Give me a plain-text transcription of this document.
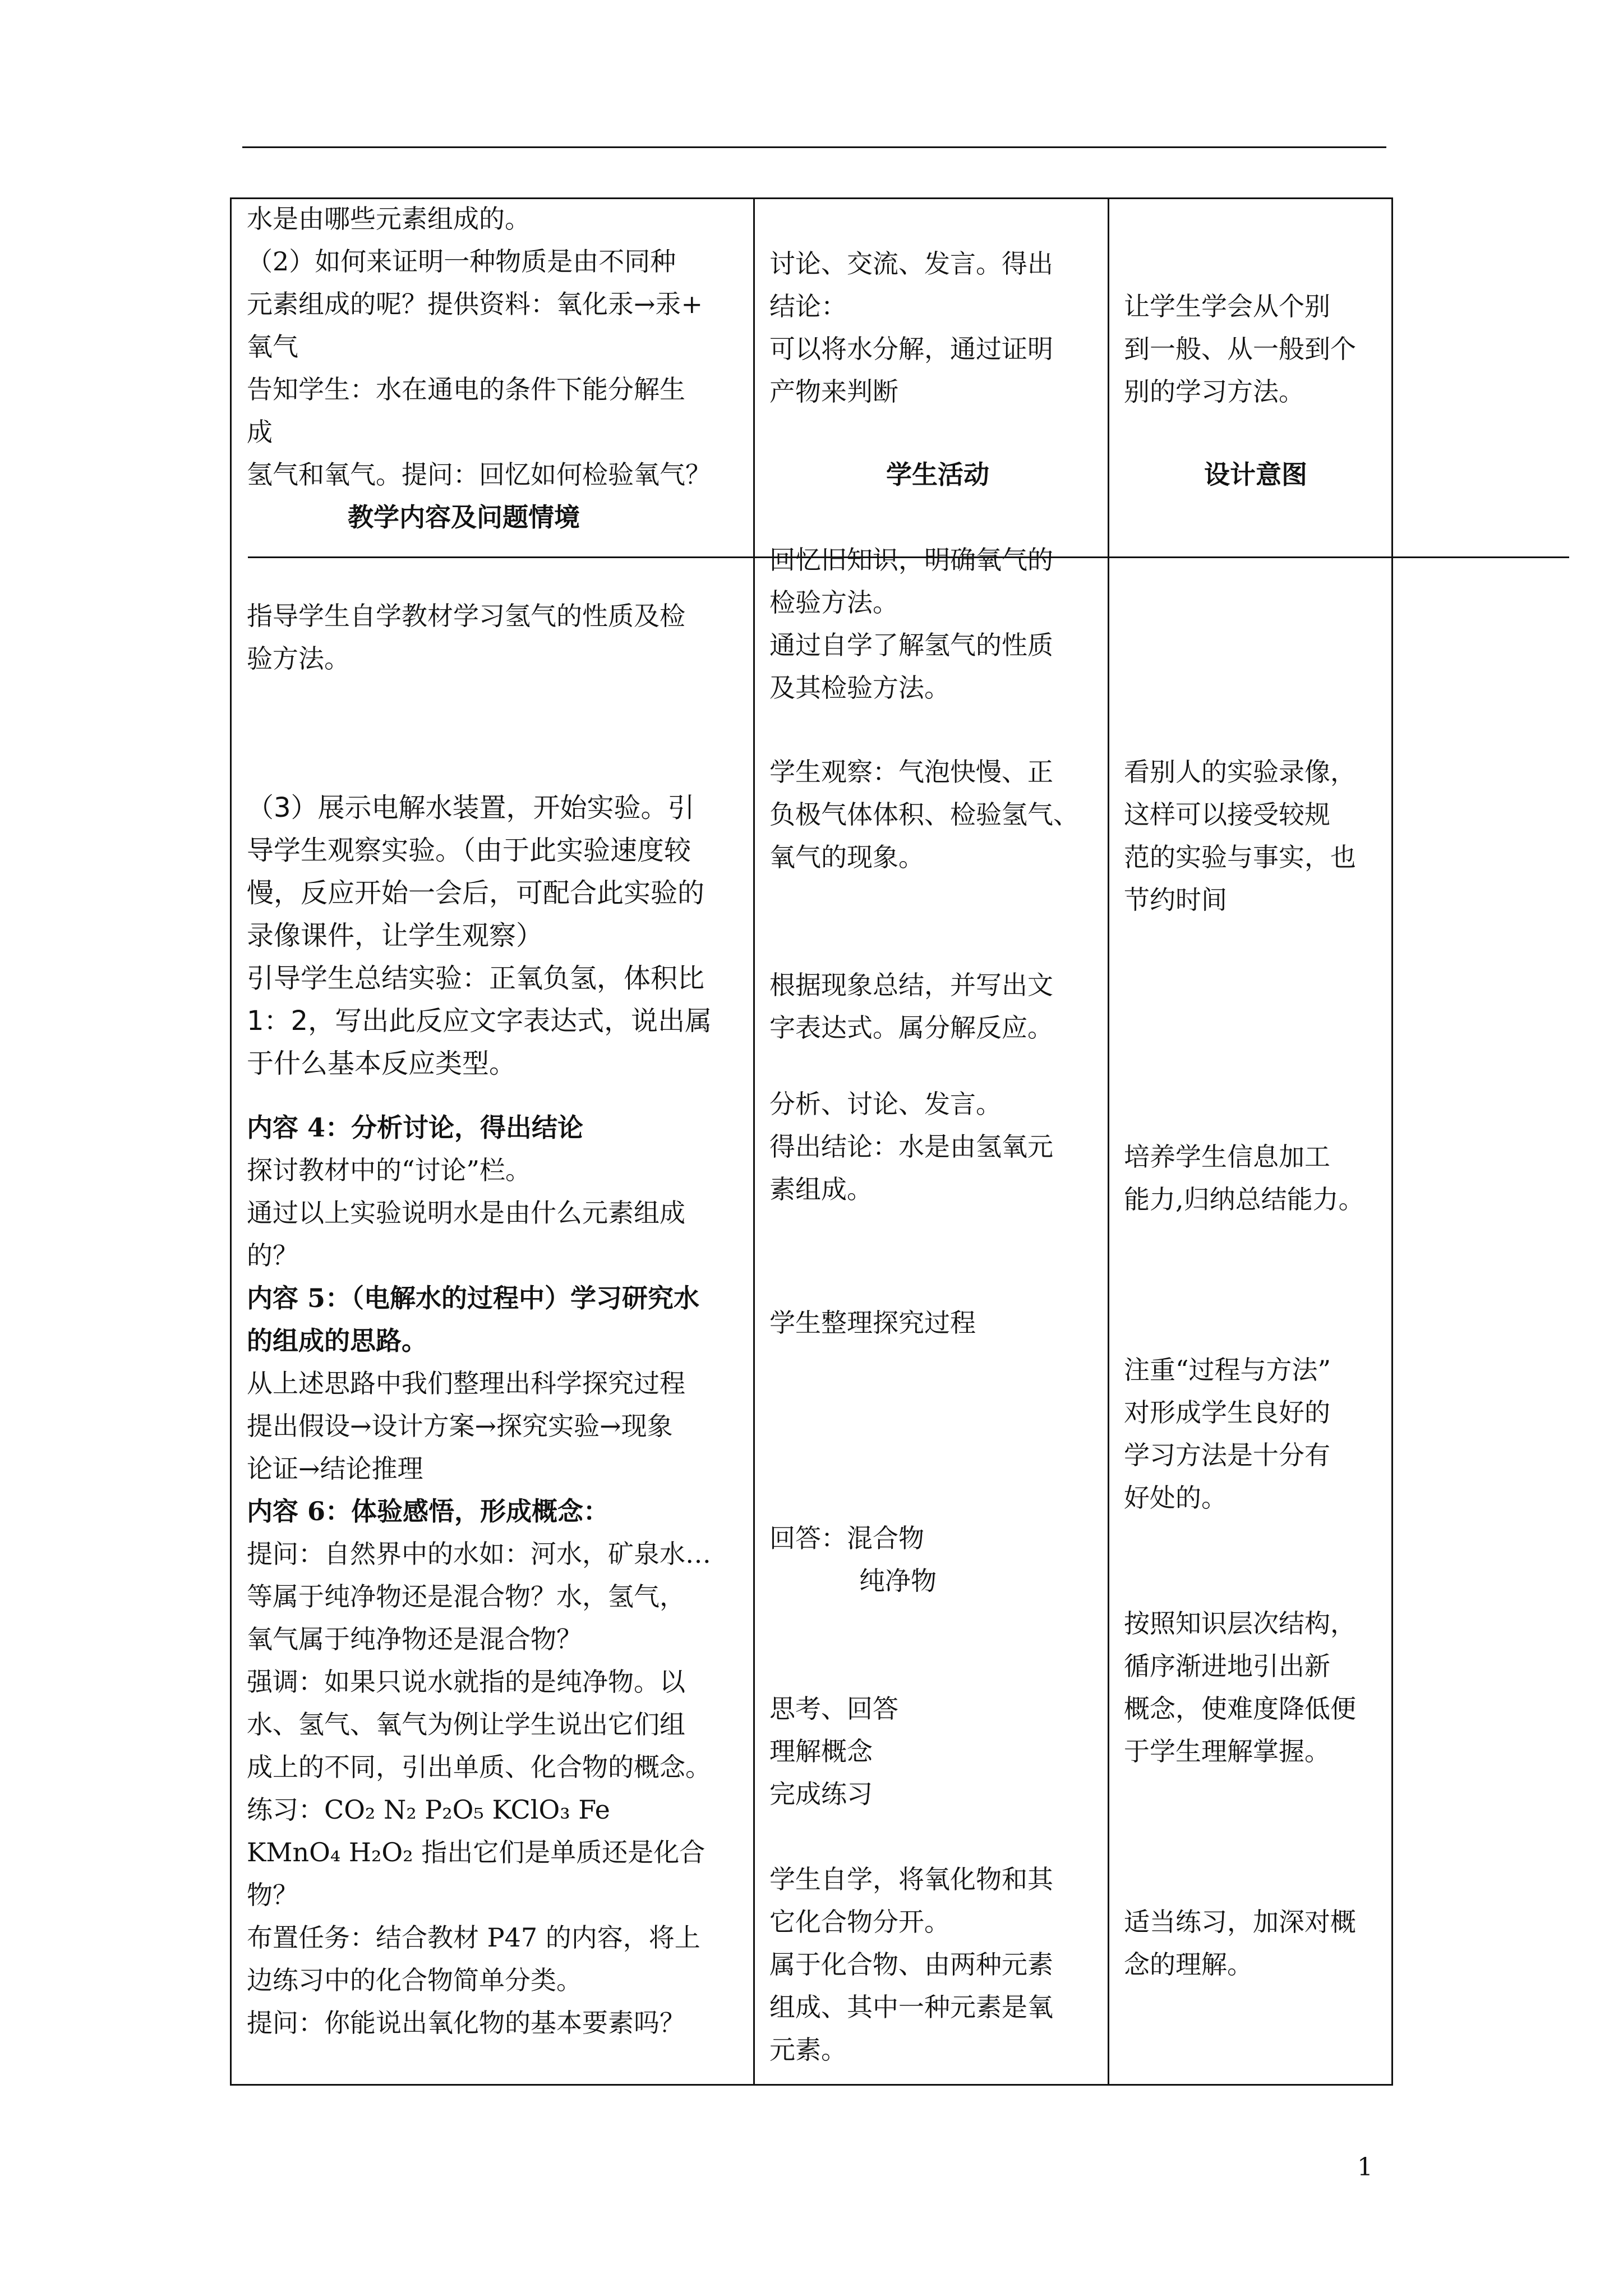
水是由哪些元素组成的。

（2）如何来证明一种物质是由不同种

元素组成的呢？提供资料：氧化汞→汞+

氧气

告知学生：水在通电的条件下能分解生

成

氢气和氧气。提问：回忆如何检验氧气？

教学内容及问题情境

指导学生自学教材学习氢气的性质及检

验方法。

（3）展示电解水装置，开始实验。引

导学生观察实验。（由于此实验速度较

慢，反应开始一会后，可配合此实验的

录像课件，让学生观察）

引导学生总结实验：正氧负氢，体积比

1：2，写出此反应文字表达式，说出属

于什么基本反应类型。

内容 4：分析讨论，得出结论

探讨教材中的“讨论”栏。

通过以上实验说明水是由什么元素组成

的？

内容 5：（电解水的过程中）学习研究水

的组成的思路。

从上述思路中我们整理出科学探究过程

提出假设→设计方案→探究实验→现象

论证→结论推理

内容 6：体验感悟，形成概念：

提问：自然界中的水如：河水，矿泉水…

等属于纯净物还是混合物？水，氢气，

氧气属于纯净物还是混合物？

强调：如果只说水就指的是纯净物。以

水、氢气、氧气为例让学生说出它们组

成上的不同，引出单质、化合物的概念。

练习：CO₂ N₂ P₂O₅ KClO₃ Fe

KMnO₄ H₂O₂ 指出它们是单质还是化合

物？

布置任务：结合教材 P47 的内容，将上

边练习中的化合物简单分类。

提问：你能说出氧化物的基本要素吗？

讨论、交流、发言。得出

结论：

可以将水分解，通过证明

产物来判断

学生活动

回忆旧知识，明确氧气的

检验方法。

通过自学了解氢气的性质

及其检验方法。

学生观察：气泡快慢、正

负极气体体积、检验氢气、

氧气的现象。

根据现象总结，并写出文

字表达式。属分解反应。

分析、讨论、发言。

得出结论：水是由氢氧元

素组成。

学生整理探究过程

回答：混合物

纯净物

思考、回答

理解概念

完成练习

学生自学，将氧化物和其

它化合物分开。

属于化合物、由两种元素

组成、其中一种元素是氧

元素。

让学生学会从个别

到一般、从一般到个

别的学习方法。

设计意图

看别人的实验录像，

这样可以接受较规

范的实验与事实，也

节约时间

培养学生信息加工

能力,归纳总结能力。

注重“过程与方法”

对形成学生良好的

学习方法是十分有

好处的。

按照知识层次结构，

循序渐进地引出新

概念，使难度降低便

于学生理解掌握。

适当练习，加深对概

念的理解。

1
